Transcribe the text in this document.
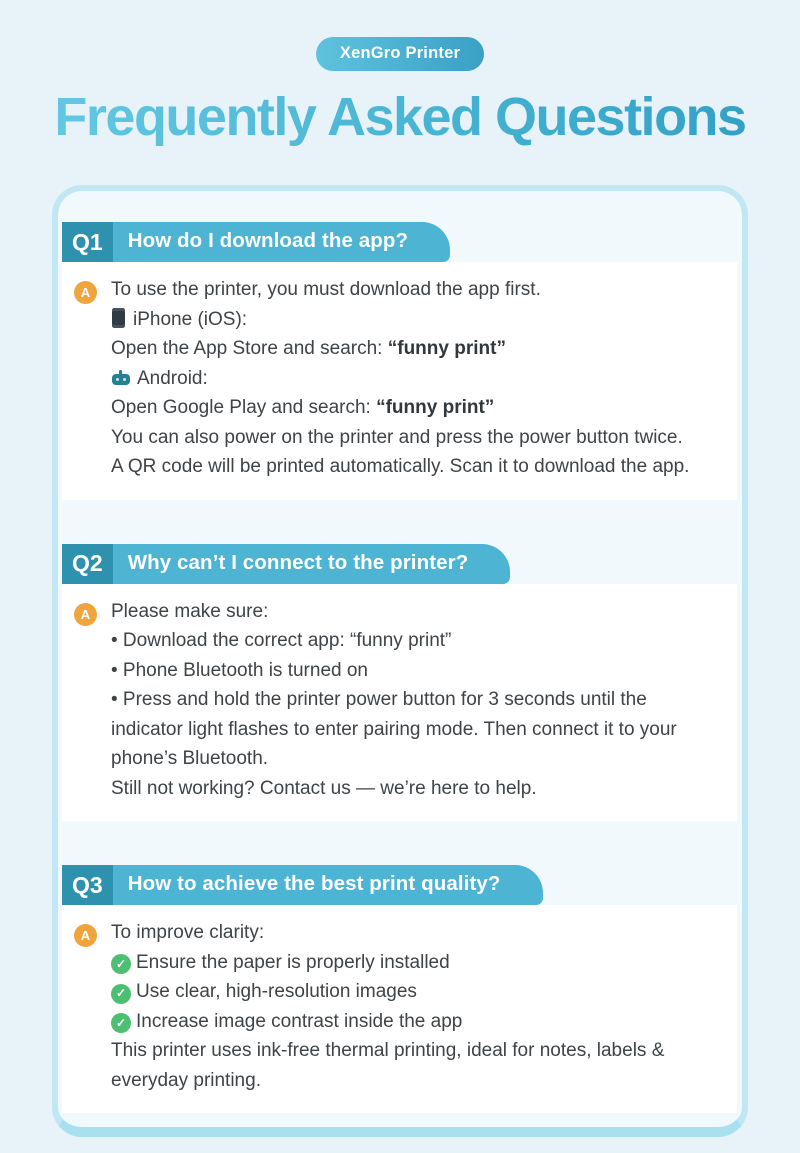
XenGro Printer
Frequently Asked Questions
Q1	How do I download the app?
A	To use the printer, you must download the app first.
iPhone (iOS):
Open the App Store and search: “funny print”
Android:
Open Google Play and search: “funny print”
You can also power on the printer and press the power button twice.
A QR code will be printed automatically. Scan it to download the app.
Q2	Why can’t I connect to the printer?
A	Please make sure:
• Download the correct app: “funny print”
• Phone Bluetooth is turned on
• Press and hold the printer power button for 3 seconds until the indicator light flashes to enter pairing mode. Then connect it to your phone’s Bluetooth.
Still not working? Contact us — we’re here to help.
Q3	How to achieve the best print quality?
A	To improve clarity:
✓ Ensure the paper is properly installed
✓ Use clear, high-resolution images
✓ Increase image contrast inside the app
This printer uses ink-free thermal printing, ideal for notes, labels & everyday printing.
